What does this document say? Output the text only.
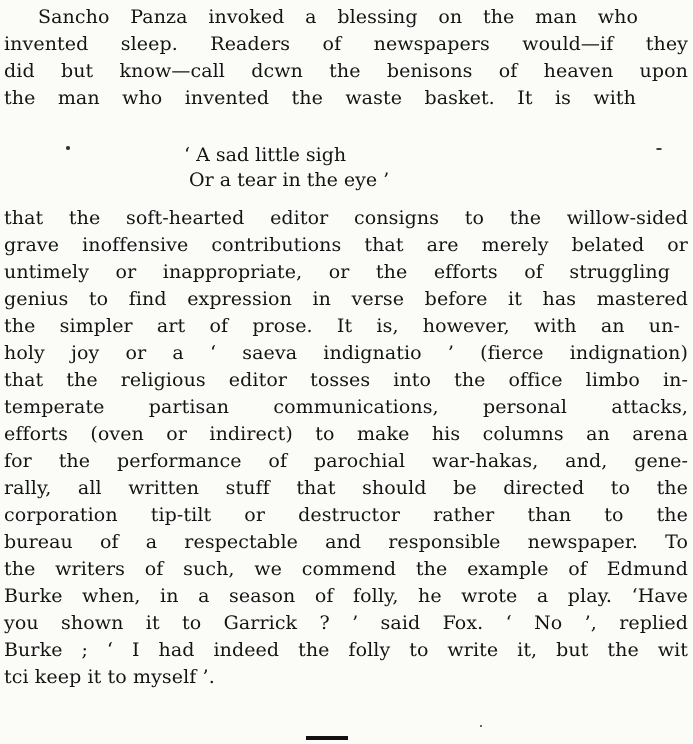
Sancho Panza invoked a blessing on the man who
invented sleep. Readers of newspapers would—if they
did but know—call dcwn the benisons of heaven upon
the man who invented the waste basket. It is with
‘ A sad little sigh
Or a tear in the eye ’
that the soft-hearted editor consigns to the willow-sided
grave inoffensive contributions that are merely belated or
untimely or inappropriate, or the efforts of struggling
genius to find expression in verse before it has mastered
the simpler art of prose. It is, however, with an un-
holy joy or a ‘ saeva indignatio ’ (fierce indignation)
that the religious editor tosses into the office limbo in-
temperate partisan communications, personal attacks,
efforts (oven or indirect) to make his columns an arena
for the performance of parochial war-hakas, and, gene-
rally, all written stuff that should be directed to the
corporation tip-tilt or destructor rather than to the
bureau of a respectable and responsible newspaper. To
the writers of such, we commend the example of Edmund
Burke when, in a season of folly, he wrote a play. ‘Have
you shown it to Garrick ? ’ said Fox. ‘ No ’, replied
Burke ; ‘ I had indeed the folly to write it, but the wit
tci keep it to myself ’.
